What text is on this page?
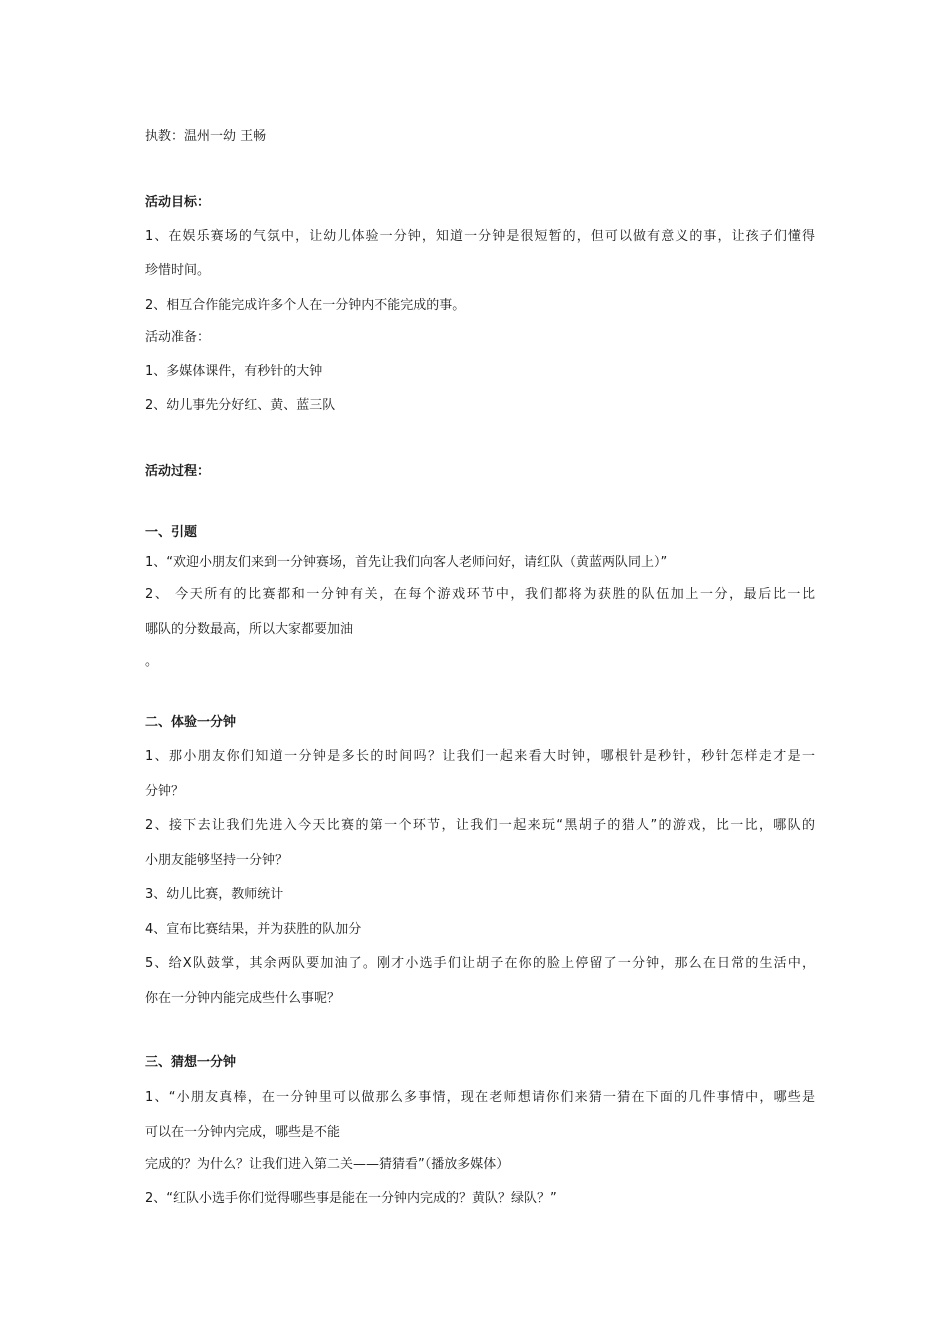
执教：温州一幼 王畅
活动目标：
1、在娱乐赛场的气氛中，让幼儿体验一分钟，知道一分钟是很短暂的，但可以做有意义的事，让孩子们懂得
珍惜时间。
2、相互合作能完成许多个人在一分钟内不能完成的事。
活动准备：
1、多媒体课件，有秒针的大钟
2、幼儿事先分好红、黄、蓝三队
活动过程：
一、引题
1、“欢迎小朋友们来到一分钟赛场，首先让我们向客人老师问好，请红队（黄蓝两队同上）”
2、 今天所有的比赛都和一分钟有关，在每个游戏环节中，我们都将为获胜的队伍加上一分，最后比一比
哪队的分数最高，所以大家都要加油
。
二、体验一分钟
1、那小朋友你们知道一分钟是多长的时间吗？让我们一起来看大时钟，哪根针是秒针，秒针怎样走才是一
分钟？
2、接下去让我们先进入今天比赛的第一个环节，让我们一起来玩“黑胡子的猎人”的游戏，比一比，哪队的
小朋友能够坚持一分钟？
3、幼儿比赛，教师统计
4、宣布比赛结果，并为获胜的队加分
5、给X队鼓掌，其余两队要加油了。刚才小选手们让胡子在你的脸上停留了一分钟，那么在日常的生活中，
你在一分钟内能完成些什么事呢？
三、猜想一分钟
1、“小朋友真棒，在一分钟里可以做那么多事情，现在老师想请你们来猜一猜在下面的几件事情中，哪些是
可以在一分钟内完成，哪些是不能
完成的？为什么？让我们进入第二关——猜猜看”（播放多媒体）
2、“红队小选手你们觉得哪些事是能在一分钟内完成的？黄队？绿队？”
